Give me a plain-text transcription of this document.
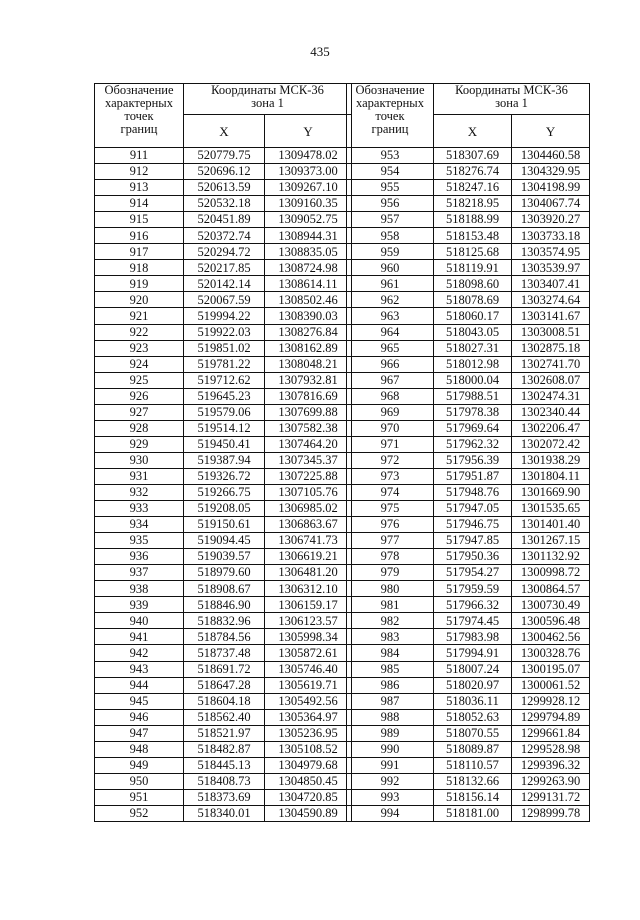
435
Обозначение
характерных
точек
границ	Координаты МСК-36
зона 1	

	X	Y
911	520779.75	1309478.02
912	520696.12	1309373.00
913	520613.59	1309267.10
914	520532.18	1309160.35
915	520451.89	1309052.75
916	520372.74	1308944.31
917	520294.72	1308835.05
918	520217.85	1308724.98
919	520142.14	1308614.11
920	520067.59	1308502.46
921	519994.22	1308390.03
922	519922.03	1308276.84
923	519851.02	1308162.89
924	519781.22	1308048.21
925	519712.62	1307932.81
926	519645.23	1307816.69
927	519579.06	1307699.88
928	519514.12	1307582.38
929	519450.41	1307464.20
930	519387.94	1307345.37
931	519326.72	1307225.88
932	519266.75	1307105.76
933	519208.05	1306985.02
934	519150.61	1306863.67
935	519094.45	1306741.73
936	519039.57	1306619.21
937	518979.60	1306481.20
938	518908.67	1306312.10
939	518846.90	1306159.17
940	518832.96	1306123.57
941	518784.56	1305998.34
942	518737.48	1305872.61
943	518691.72	1305746.40
944	518647.28	1305619.71
945	518604.18	1305492.56
946	518562.40	1305364.97
947	518521.97	1305236.95
948	518482.87	1305108.52
949	518445.13	1304979.68
950	518408.73	1304850.45
951	518373.69	1304720.85
952	518340.01	1304590.89
Обозначение
характерных
точек
границ	Координаты МСК-36
зона 1	

	X	Y
953	518307.69	1304460.58
954	518276.74	1304329.95
955	518247.16	1304198.99
956	518218.95	1304067.74
957	518188.99	1303920.27
958	518153.48	1303733.18
959	518125.68	1303574.95
960	518119.91	1303539.97
961	518098.60	1303407.41
962	518078.69	1303274.64
963	518060.17	1303141.67
964	518043.05	1303008.51
965	518027.31	1302875.18
966	518012.98	1302741.70
967	518000.04	1302608.07
968	517988.51	1302474.31
969	517978.38	1302340.44
970	517969.64	1302206.47
971	517962.32	1302072.42
972	517956.39	1301938.29
973	517951.87	1301804.11
974	517948.76	1301669.90
975	517947.05	1301535.65
976	517946.75	1301401.40
977	517947.85	1301267.15
978	517950.36	1301132.92
979	517954.27	1300998.72
980	517959.59	1300864.57
981	517966.32	1300730.49
982	517974.45	1300596.48
983	517983.98	1300462.56
984	517994.91	1300328.76
985	518007.24	1300195.07
986	518020.97	1300061.52
987	518036.11	1299928.12
988	518052.63	1299794.89
989	518070.55	1299661.84
990	518089.87	1299528.98
991	518110.57	1299396.32
992	518132.66	1299263.90
993	518156.14	1299131.72
994	518181.00	1298999.78
